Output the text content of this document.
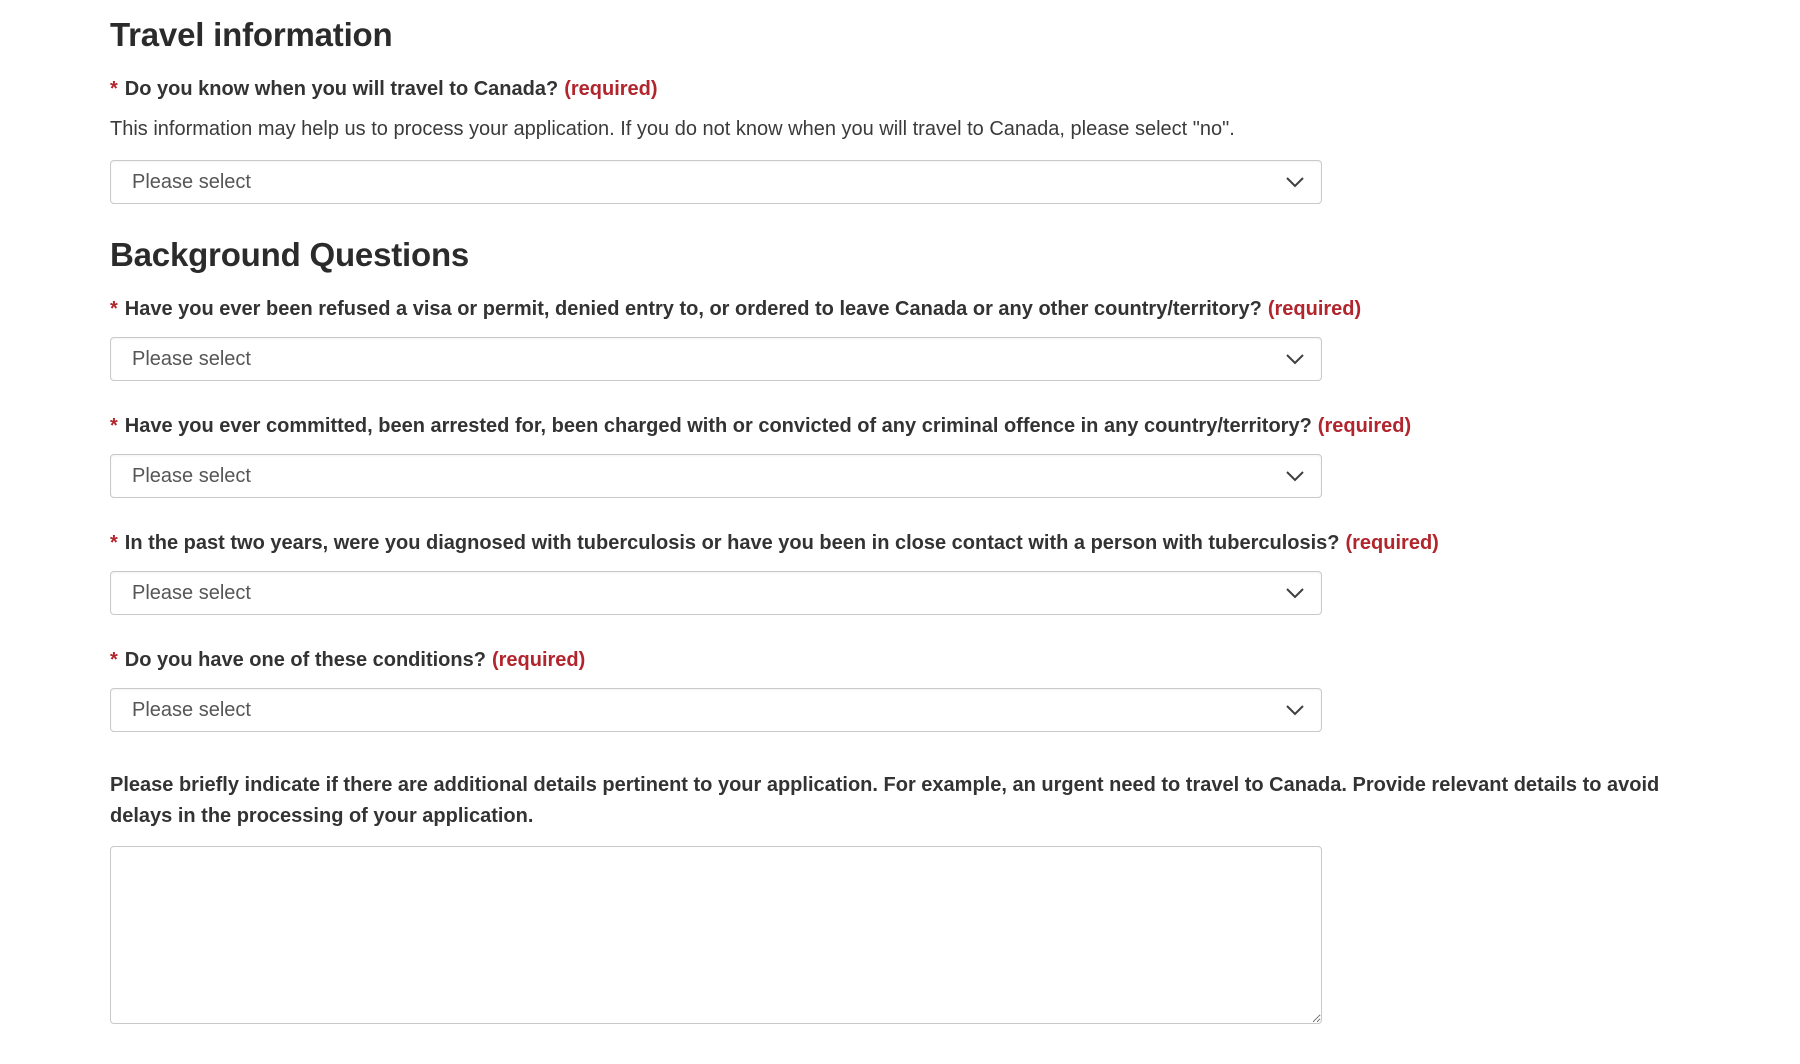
Travel information
* Do you know when you will travel to Canada? (required)
This information may help us to process your application. If you do not know when you will travel to Canada, please select "no".
Please select
Background Questions
* Have you ever been refused a visa or permit, denied entry to, or ordered to leave Canada or any other country/territory? (required)
Please select
* Have you ever committed, been arrested for, been charged with or convicted of any criminal offence in any country/territory? (required)
Please select
* In the past two years, were you diagnosed with tuberculosis or have you been in close contact with a person with tuberculosis? (required)
Please select
* Do you have one of these conditions? (required)
Please select
Please briefly indicate if there are additional details pertinent to your application. For example, an urgent need to travel to Canada. Provide relevant details to avoid delays in the processing of your application.
